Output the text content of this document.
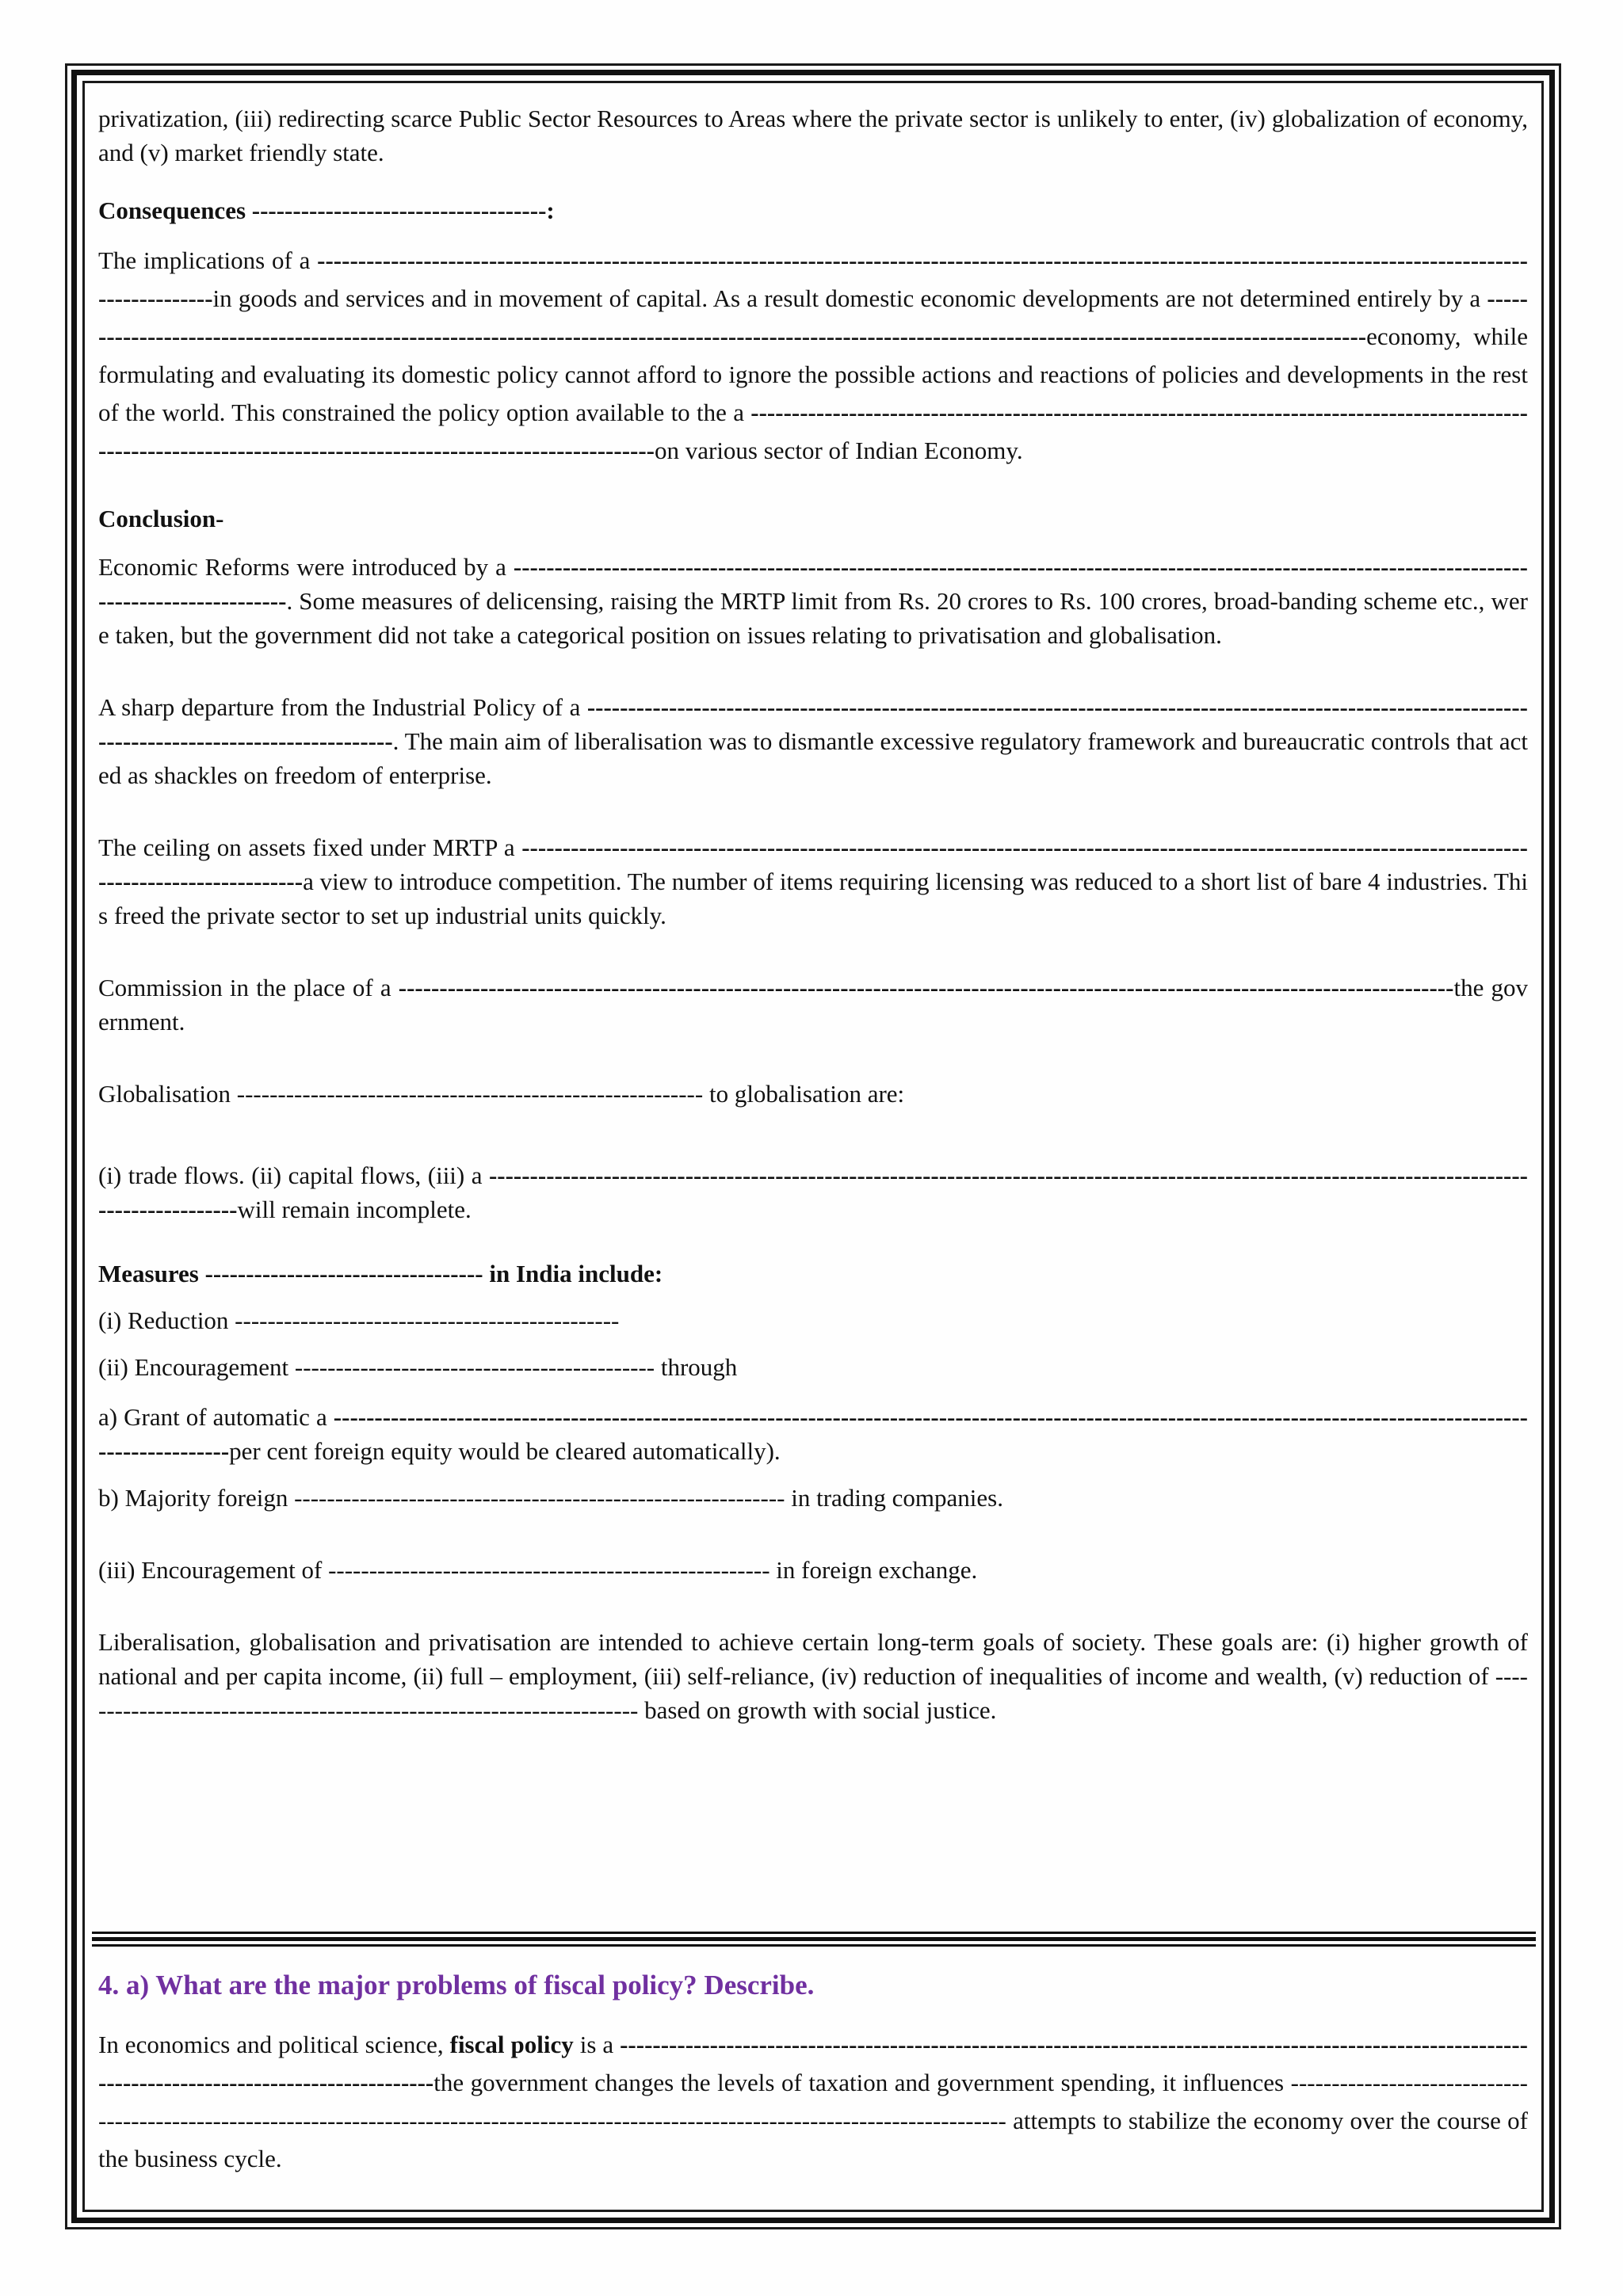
privatization, (iii) redirecting scarce Public Sector Resources to Areas where the private sector is unlikely to enter, (iv) globalization of economy, and (v) market friendly state.

Consequences ------------------------------------:

The implications of a ------------------------------------------------------------------------------------------------------------------------------------------------------------------in goods and services and in movement of capital. As a result domestic economic developments are not determined entirely by a ----------------------------------------------------------------------------------------------------------------------------------------------------------------economy, while formulating and evaluating its domestic policy cannot afford to ignore the possible actions and reactions of policies and developments in the rest of the world. This constrained the policy option available to the a -------------------------------------------------------------------------------------------------------------------------------------------------------------------on various sector of Indian Economy.

Conclusion-

Economic Reforms were introduced by a ---------------------------------------------------------------------------------------------------------------------------------------------------. Some measures of delicensing, raising the MRTP limit from Rs. 20 crores to Rs. 100 crores, broad-banding scheme etc., were taken, but the government did not take a categorical position on issues relating to privatisation and globalisation.

A sharp departure from the Industrial Policy of a -------------------------------------------------------------------------------------------------------------------------------------------------------. The main aim of liberalisation was to dismantle excessive regulatory framework and bureaucratic controls that acted as shackles on freedom of enterprise.

The ceiling on assets fixed under MRTP a ----------------------------------------------------------------------------------------------------------------------------------------------------a view to introduce competition. The number of items requiring licensing was reduced to a short list of bare 4 industries. This freed the private sector to set up industrial units quickly.

Commission in the place of a ---------------------------------------------------------------------------------------------------------------------------------the government.

Globalisation --------------------------------------------------------- to globalisation are:

(i) trade flows. (ii) capital flows, (iii) a ------------------------------------------------------------------------------------------------------------------------------------------------will remain incomplete.

Measures ---------------------------------- in India include:

(i) Reduction -----------------------------------------------

(ii) Encouragement -------------------------------------------- through

a) Grant of automatic a ------------------------------------------------------------------------------------------------------------------------------------------------------------------per cent foreign equity would be cleared automatically).

b) Majority foreign ------------------------------------------------------------ in trading companies.

(iii) Encouragement of ------------------------------------------------------ in foreign exchange.

Liberalisation, globalisation and privatisation are intended to achieve certain long-term goals of society. These goals are: (i) higher growth of national and per capita income, (ii) full – employment, (iii) self-reliance, (iv) reduction of inequalities of income and wealth, (v) reduction of ---------------------------------------------------------------------- based on growth with social justice.

4. a) What are the major problems of fiscal policy? Describe.

In economics and political science, fiscal policy is a --------------------------------------------------------------------------------------------------------------------------------------------------------the government changes the levels of taxation and government spending, it influences -------------------------------------------------------------------------------------------------------------------------------------------- attempts to stabilize the economy over the course of the business cycle.
